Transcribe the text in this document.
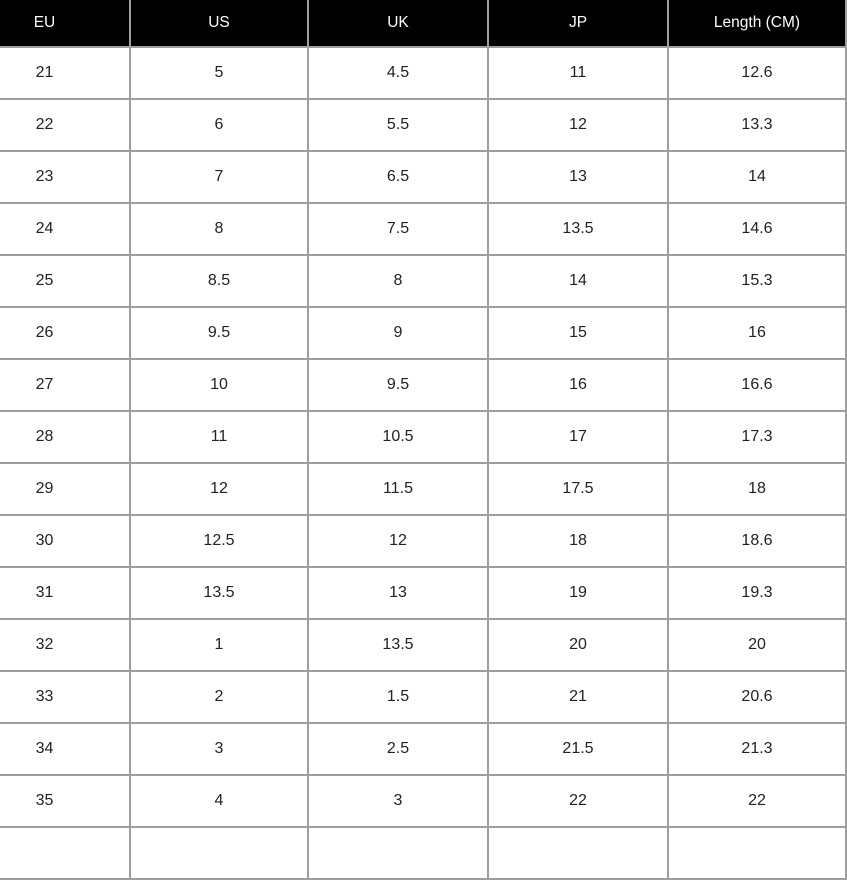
EU	US	UK	JP	Length (CM)
21	5	4.5	11	12.6
22	6	5.5	12	13.3
23	7	6.5	13	14
24	8	7.5	13.5	14.6
25	8.5	8	14	15.3
26	9.5	9	15	16
27	10	9.5	16	16.6
28	11	10.5	17	17.3
29	12	11.5	17.5	18
30	12.5	12	18	18.6
31	13.5	13	19	19.3
32	1	13.5	20	20
33	2	1.5	21	20.6
34	3	2.5	21.5	21.3
35	4	3	22	22
